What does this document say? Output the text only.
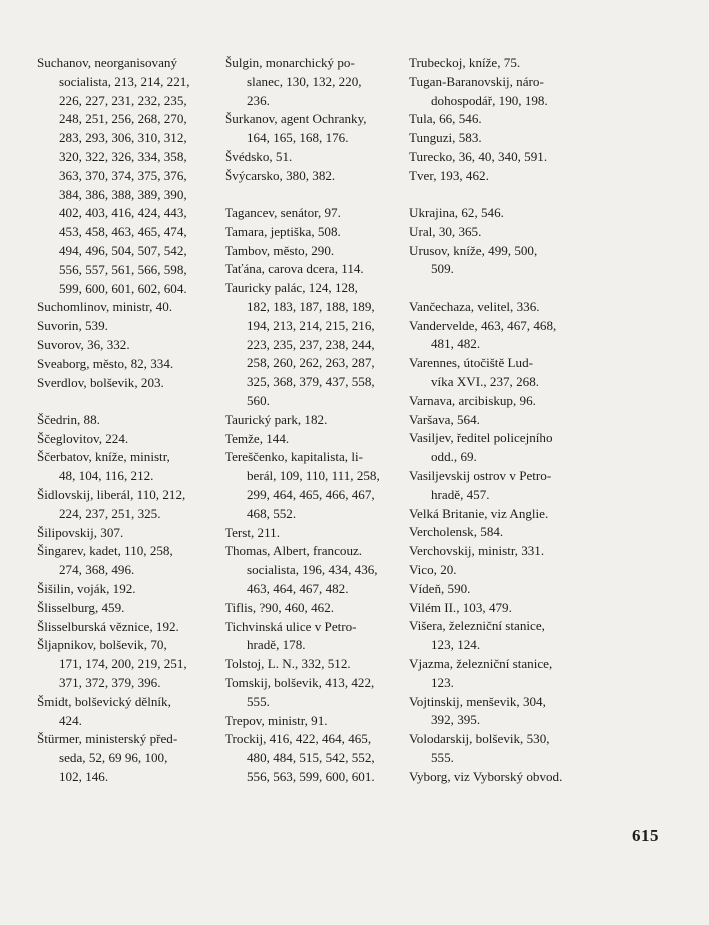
Suchanov, neorganisovaný
socialista, 213, 214, 221,
226, 227, 231, 232, 235,
248, 251, 256, 268, 270,
283, 293, 306, 310, 312,
320, 322, 326, 334, 358,
363, 370, 374, 375, 376,
384, 386, 388, 389, 390,
402, 403, 416, 424, 443,
453, 458, 463, 465, 474,
494, 496, 504, 507, 542,
556, 557, 561, 566, 598,
599, 600, 601, 602, 604.
Suchomlinov, ministr, 40.
Suvorin, 539.
Suvorov, 36, 332.
Sveaborg, město, 82, 334.
Sverdlov, bolševik, 203.
Ščedrin, 88.
Ščeglovitov, 224.
Ščerbatov, kníže, ministr,
48, 104, 116, 212.
Šidlovskij, liberál, 110, 212,
224, 237, 251, 325.
Šilipovskij, 307.
Šingarev, kadet, 110, 258,
274, 368, 496.
Šišilin, voják, 192.
Šlisselburg, 459.
Šlisselburská věznice, 192.
Šljapnikov, bolševik, 70,
171, 174, 200, 219, 251,
371, 372, 379, 396.
Šmidt, bolševický dělník,
424.
Štürmer, ministerský před-
seda, 52, 69 96, 100,
102, 146.
Šulgin, monarchický po-
slanec, 130, 132, 220,
236.
Šurkanov, agent Ochranky,
164, 165, 168, 176.
Švédsko, 51.
Švýcarsko, 380, 382.
Tagancev, senátor, 97.
Tamara, jeptiška, 508.
Tambov, město, 290.
Taťána, carova dcera, 114.
Tauricky palác, 124, 128,
182, 183, 187, 188, 189,
194, 213, 214, 215, 216,
223, 235, 237, 238, 244,
258, 260, 262, 263, 287,
325, 368, 379, 437, 558,
560.
Taurický park, 182.
Temže, 144.
Tereščenko, kapitalista, li-
berál, 109, 110, 111, 258,
299, 464, 465, 466, 467,
468, 552.
Terst, 211.
Thomas, Albert, francouz.
socialista, 196, 434, 436,
463, 464, 467, 482.
Tiflis, ?90, 460, 462.
Tichvinská ulice v Petro-
hradě, 178.
Tolstoj, L. N., 332, 512.
Tomskij, bolševik, 413, 422,
555.
Trepov, ministr, 91.
Trockij, 416, 422, 464, 465,
480, 484, 515, 542, 552,
556, 563, 599, 600, 601.
Trubeckoj, kníže, 75.
Tugan-Baranovskij, náro-
dohospodář, 190, 198.
Tula, 66, 546.
Tunguzi, 583.
Turecko, 36, 40, 340, 591.
Tver, 193, 462.
Ukrajina, 62, 546.
Ural, 30, 365.
Urusov, kníže, 499, 500,
509.
Vančechaza, velitel, 336.
Vandervelde, 463, 467, 468,
481, 482.
Varennes, útočiště Lud-
víka XVI., 237, 268.
Varnava, arcibiskup, 96.
Varšava, 564.
Vasiljev, ředitel policejního
odd., 69.
Vasiljevskij ostrov v Petro-
hradě, 457.
Velká Britanie, viz Anglie.
Vercholensk, 584.
Verchovskij, ministr, 331.
Vico, 20.
Vídeň, 590.
Vilém II., 103, 479.
Višera, železniční stanice,
123, 124.
Vjazma, železniční stanice,
123.
Vojtinskij, menševik, 304,
392, 395.
Volodarskij, bolševik, 530,
555.
Vyborg, viz Vyborský obvod.
615
